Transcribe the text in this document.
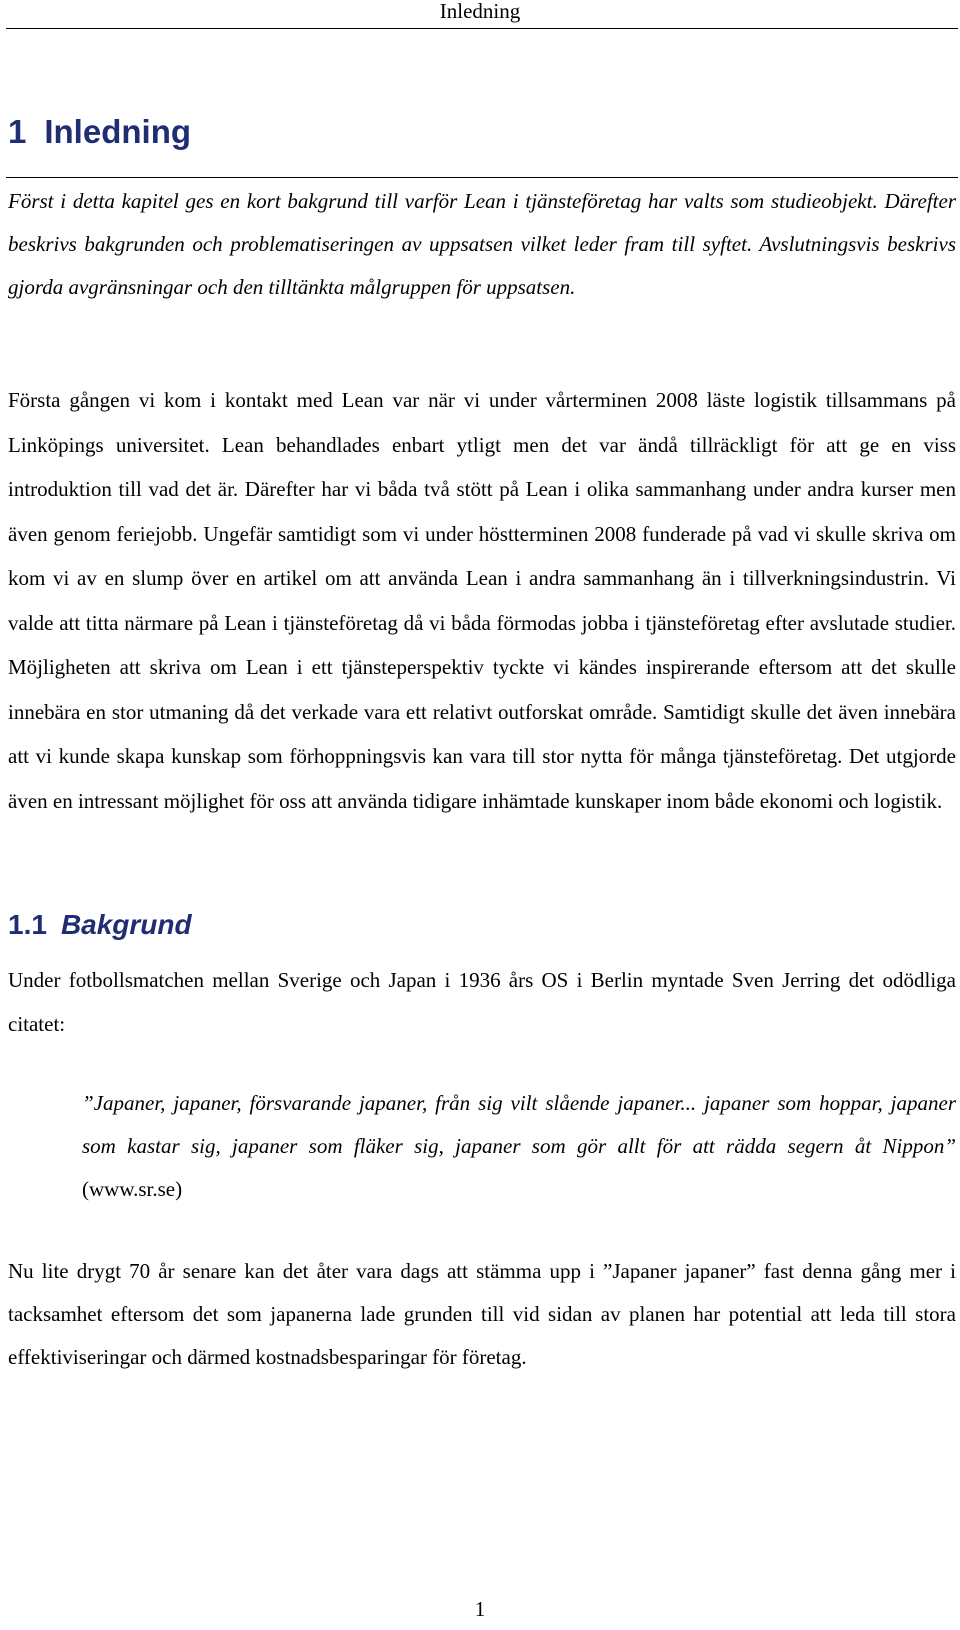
Inledning
1 Inledning

Först i detta kapitel ges en kort bakgrund till varför Lean i tjänsteföretag har valts som studieobjekt. Därefter beskrivs bakgrunden och problematiseringen av uppsatsen vilket leder fram till syftet. Avslutningsvis beskrivs gjorda avgränsningar och den tilltänkta målgruppen för uppsatsen.

Första gången vi kom i kontakt med Lean var när vi under vårterminen 2008 läste logistik tillsammans på Linköpings universitet. Lean behandlades enbart ytligt men det var ändå tillräckligt för att ge en viss introduktion till vad det är. Därefter har vi båda två stött på Lean i olika sammanhang under andra kurser men även genom feriejobb. Ungefär samtidigt som vi under höstterminen 2008 funderade på vad vi skulle skriva om kom vi av en slump över en artikel om att använda Lean i andra sammanhang än i tillverkningsindustrin. Vi valde att titta närmare på Lean i tjänsteföretag då vi båda förmodas jobba i tjänsteföretag efter avslutade studier. Möjligheten att skriva om Lean i ett tjänsteperspektiv tyckte vi kändes inspirerande eftersom att det skulle innebära en stor utmaning då det verkade vara ett relativt outforskat område. Samtidigt skulle det även innebära att vi kunde skapa kunskap som förhoppningsvis kan vara till stor nytta för många tjänsteföretag. Det utgjorde även en intressant möjlighet för oss att använda tidigare inhämtade kunskaper inom både ekonomi och logistik.

1.1 Bakgrund

Under fotbollsmatchen mellan Sverige och Japan i 1936 års OS i Berlin myntade Sven Jerring det odödliga citatet:

”Japaner, japaner, försvarande japaner, från sig vilt slående japaner... japaner som hoppar, japaner som kastar sig, japaner som fläker sig, japaner som gör allt för att rädda segern åt Nippon” (www.sr.se)

Nu lite drygt 70 år senare kan det åter vara dags att stämma upp i ”Japaner japaner” fast denna gång mer i tacksamhet eftersom det som japanerna lade grunden till vid sidan av planen har potential att leda till stora effektiviseringar och därmed kostnadsbesparingar för företag.

1
